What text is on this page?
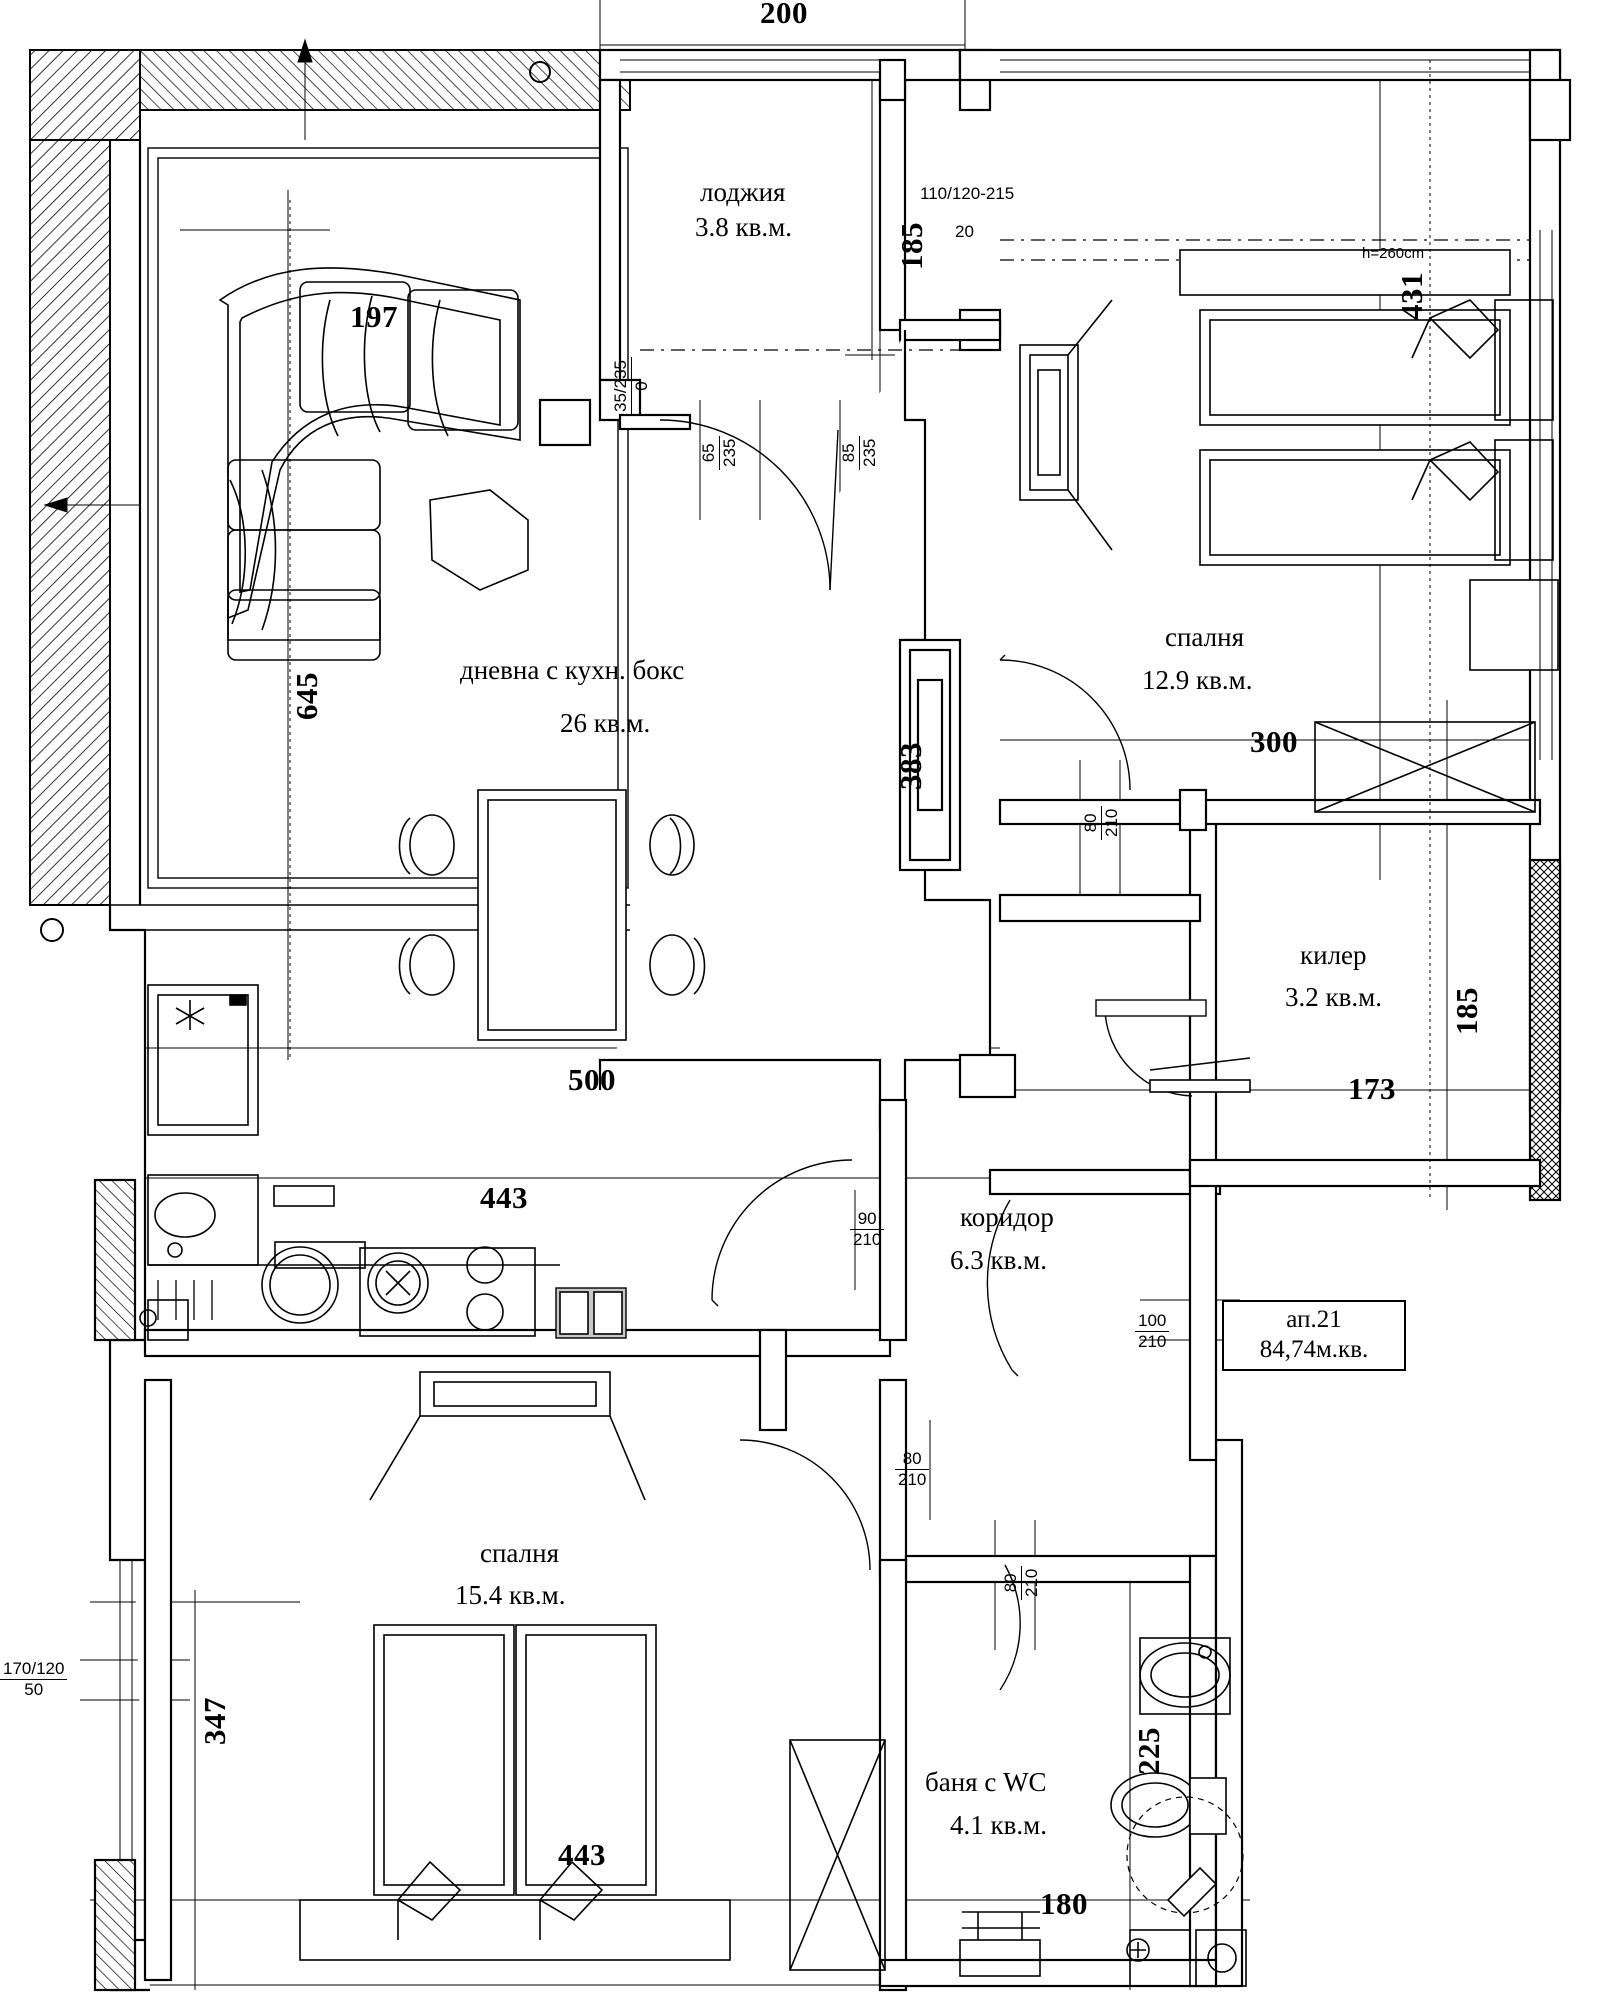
200
лоджия
3.8 кв.м.	185
110/120-215
20
h=260cm
197
35/235 0
65 235	85 235
431
дневна с кухн. бокс
26 кв.м.
спалня
12.9 кв.м.
645
383
300
80 210
килер
3.2 кв.м. 185
173
500
443
$\frac{90}{210}$	коридор
6.3 кв.м.
$\frac{100}{210}$	ап.21
84,74м.кв.
$\frac{80}{210}$
80 210
спалня
15.4 кв.м.
347
$\frac{170/120}{50}$
225
баня с WC
4.1 кв.м.
443
180
